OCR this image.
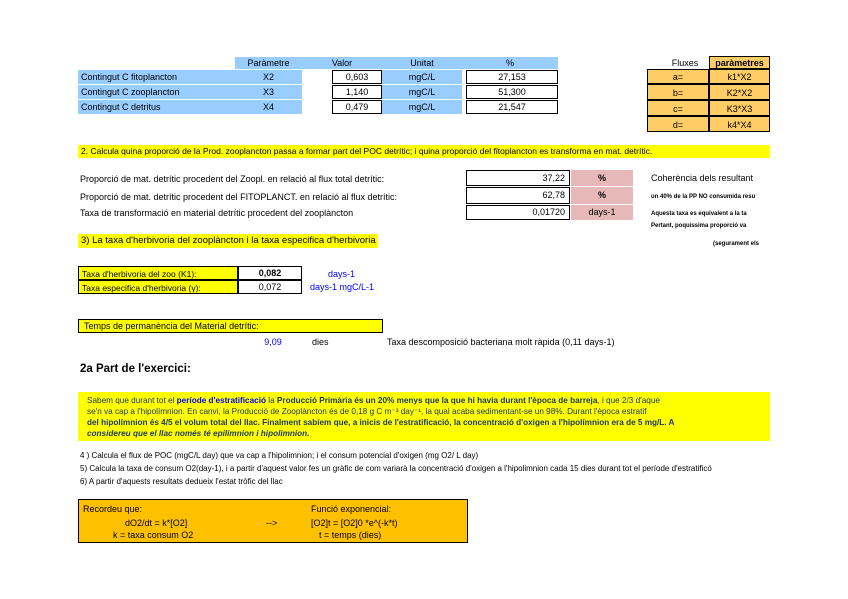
Paràmetre	Valor	Unitat	%
Contingut C fitoplancton	X2	0,603	mgC/L	27,153
Contingut C zooplancton	X3	1,140	mgC/L	51,300
Contingut C detritus	X4	0,479	mgC/L	21,547
Fluxes	paràmetres
a=	k1*X2
b=	K2*X2
c=	K3*X3
d=	k4*X4
2. Calcula quina proporció de la Prod. zooplancton passa a formar part del POC detrític; i quina proporció del fitoplancton es transforma en mat. detrític.
Proporció de mat. detrític procedent del Zoopl. en relació al flux total detrític:	37,22	%	Coherència dels resultant
Proporció de mat. detrític procedent del FITOPLANCT. en relació al flux detrític:	62,78	%	un 40% de la PP NO consumida resu
Taxa de transformació en material detrític procedent del zooplàncton	0,01720	days-1	Aquesta taxa es equivalent a la ta
Pertant, poquíssima proporció va
(segurament els
3) La taxa d'herbivoria del zooplàncton i la taxa especifica d'herbivoria
Taxa d'herbivoria del zoo (K1):	0,082	days-1
Taxa especifica d'herbivoria (γ):	0,072	days-1 mgC/L-1
Temps de permanència del Material detrític:
9,09	dies	Taxa descomposició bacteriana molt ràpida (0,11 days-1)
2a Part de l'exercici:
Sabem que durant tot el període d'estratificació la Producció Primària és un 20% menys que la que hi havia durant l'època de barreja, i que 2/3 d'aque
se'n va cap a l'hipolímnion. En canvi, la Producció de Zooplàncton és de 0,18 g C m⁻³ day⁻¹, la qual acaba sedimentant-se un 98%. Durant l'època estratif
del hipolímnion és 4/5 el volum total del llac. Finalment sabíem que, a inicis de l'estratificació, la concentració d'oxigen a l'hipolímnion era de 5 mg/L. A
considereu que el llac només té epilimnion i hipolimnion.
4 ) Calcula el flux de POC (mgC/L day) que va cap a l'hipolimnion; i el consum potencial d'oxigen (mg O2/ L day)
5) Calcula la taxa de consum O2(day-1), i a partir d'aquest valor fes un gràfic de com variarà la concentració d'oxigen a l'hipolimnion cada 15 dies durant tot el període d'estratificó
6) A partir d'aquests resultats dedueix l'estat tròfic del llac
Recordeu que:
dO2/dt = k*[O2]
k = taxa consum O2
-->
Funció exponencial:
[O2]t = [O2]0 *e^(-k*t)
t = temps (dies)
